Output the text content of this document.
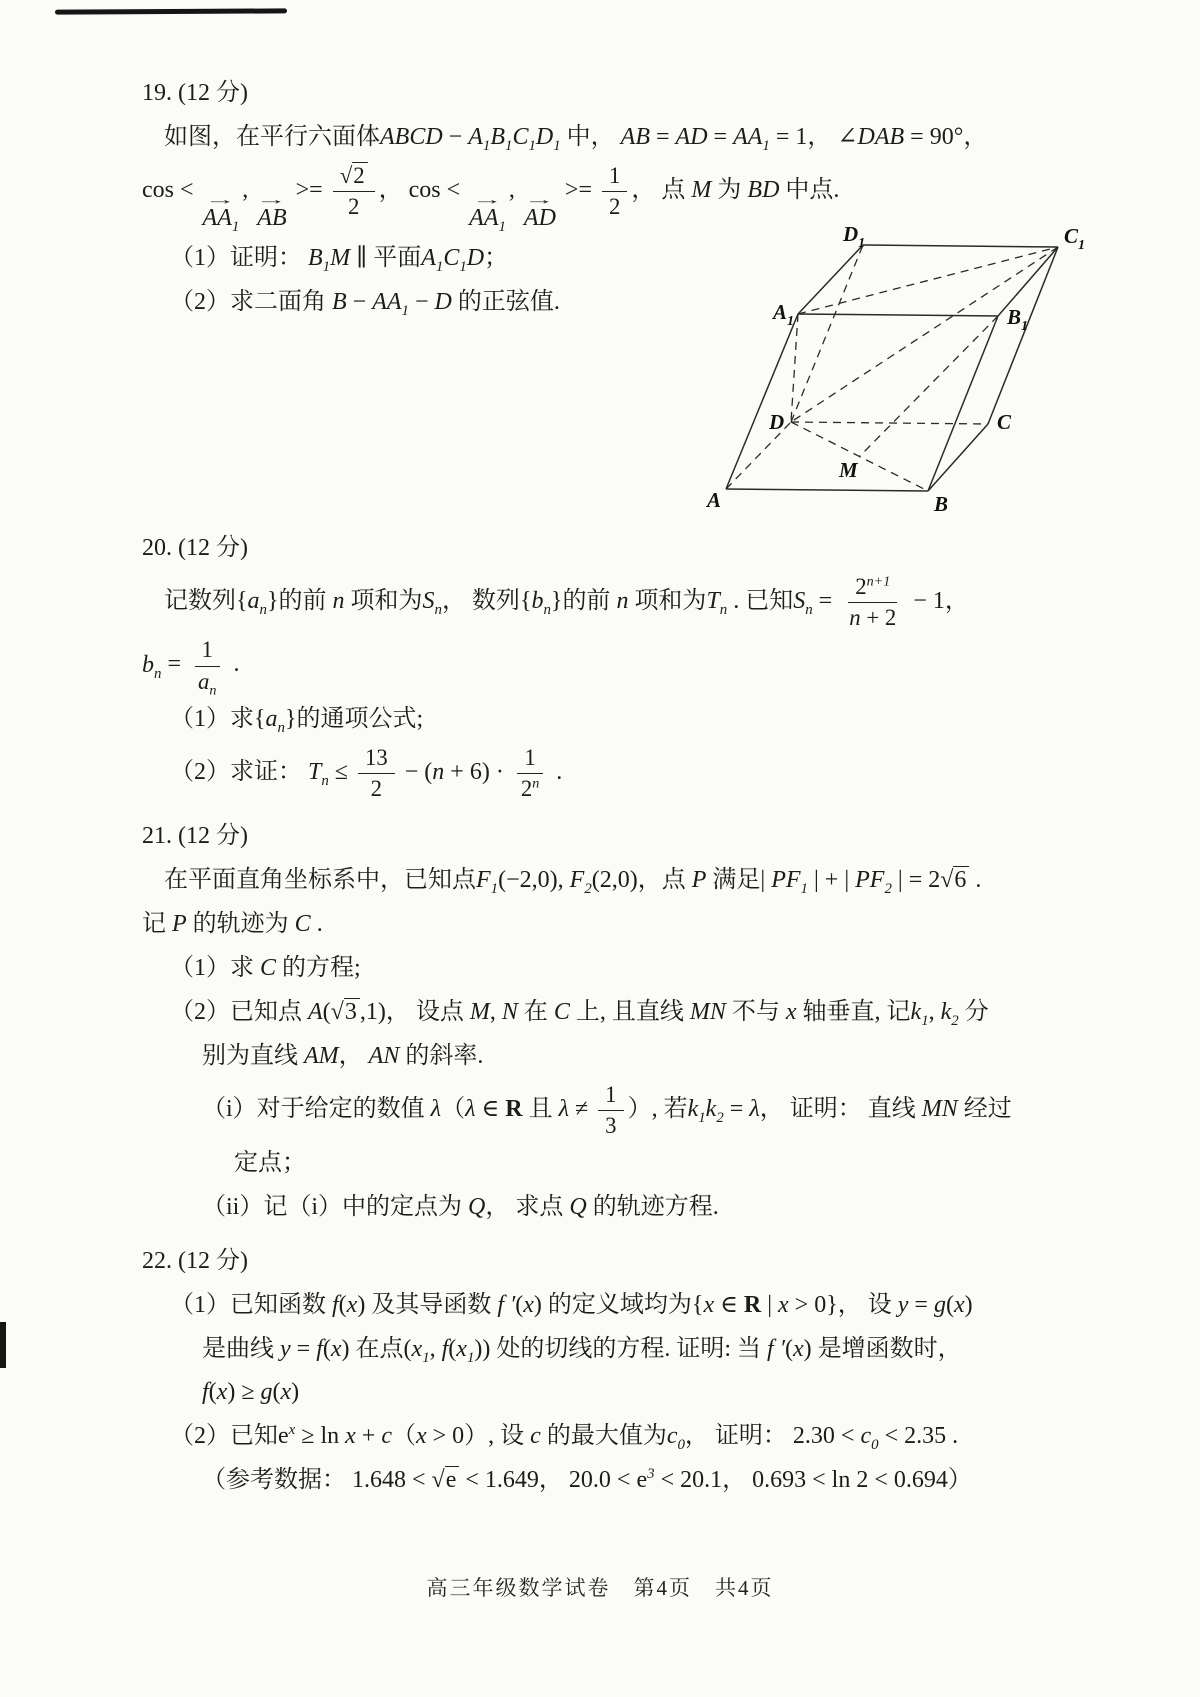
19. (12 分)
如图，在平行六面体ABCD − $A_1B_1C_1D_1$ 中， AB = AD = $AA_1 = 1$， ∠DAB = 90°，
cos < →
$AA_1$
, →
AB
>= $\frac{√2}{2}$ ， cos < →
$AA_1$
, →
AD
>= $\frac{1}{2}$ ， 点 M 为 BD 中点.
（1）证明： $B_1M$ ∥ 平面$A_1C_1D$；
（2）求二面角 $B - AA_1 - D$ 的正弦值.
$D_1$	$C_1$
$A_1$	$B_1$
D	C
A	B
M
20. (12 分)
记数列$\{a_n\}$的前 n 项和为$S_n$， 数列$\{b_n\}$的前 n 项和为$T_n$ . 已知$S_n = \frac{2^{n+1}}{n + 2} - 1$，
$b_n = \frac{1}{a_n}$ .
（1）求$\{a_n\}$的通项公式;
（2）求证： $T_n \le \frac{13}{2} - (n + 6) \cdot \frac{1}{2^n}$ .
21. (12 分)
在平面直角坐标系中，已知点$F_1(-2,0)$, $F_2(2,0)$，点 P 满足| $PF_1$ | + | $PF_2$ | = 2√6 .
记 P 的轨迹为 C .
（1）求 C 的方程;
（2）已知点 A(√3 ,1)， 设点 M, N 在 C 上, 且直线 MN 不与 x 轴垂直, 记$k_1$, $k_2$ 分
别为直线 AM， AN 的斜率.
（i）对于给定的数值 λ（λ ∈ R 且 $\lambda \ne \frac{1}{3}$ ）, 若$k_1k_2 = \lambda$， 证明： 直线 MN 经过
定点；
（ii）记（i）中的定点为 Q， 求点 Q 的轨迹方程.
22. (12 分)
（1）已知函数 f(x) 及其导函数 f ′(x) 的定义域均为{x ∈ R | x > 0}， 设 y = g(x)
是曲线 y = f(x) 在点($x_1$, $f(x_1)$) 处的切线的方程. 证明: 当 f ′(x) 是增函数时，
f(x) ≥ g(x)
（2）已知$e^x \ge \ln x + c(x > 0)$, 设 c 的最大值为$c_0$， 证明： $2.30 < c_0 < 2.35$ .
（参考数据： 1.648 < √e < 1.649， $20.0 < e^3 < 20.1$， 0.693 < ln 2 < 0.694）
高三年级数学试卷　第4页　共4页
